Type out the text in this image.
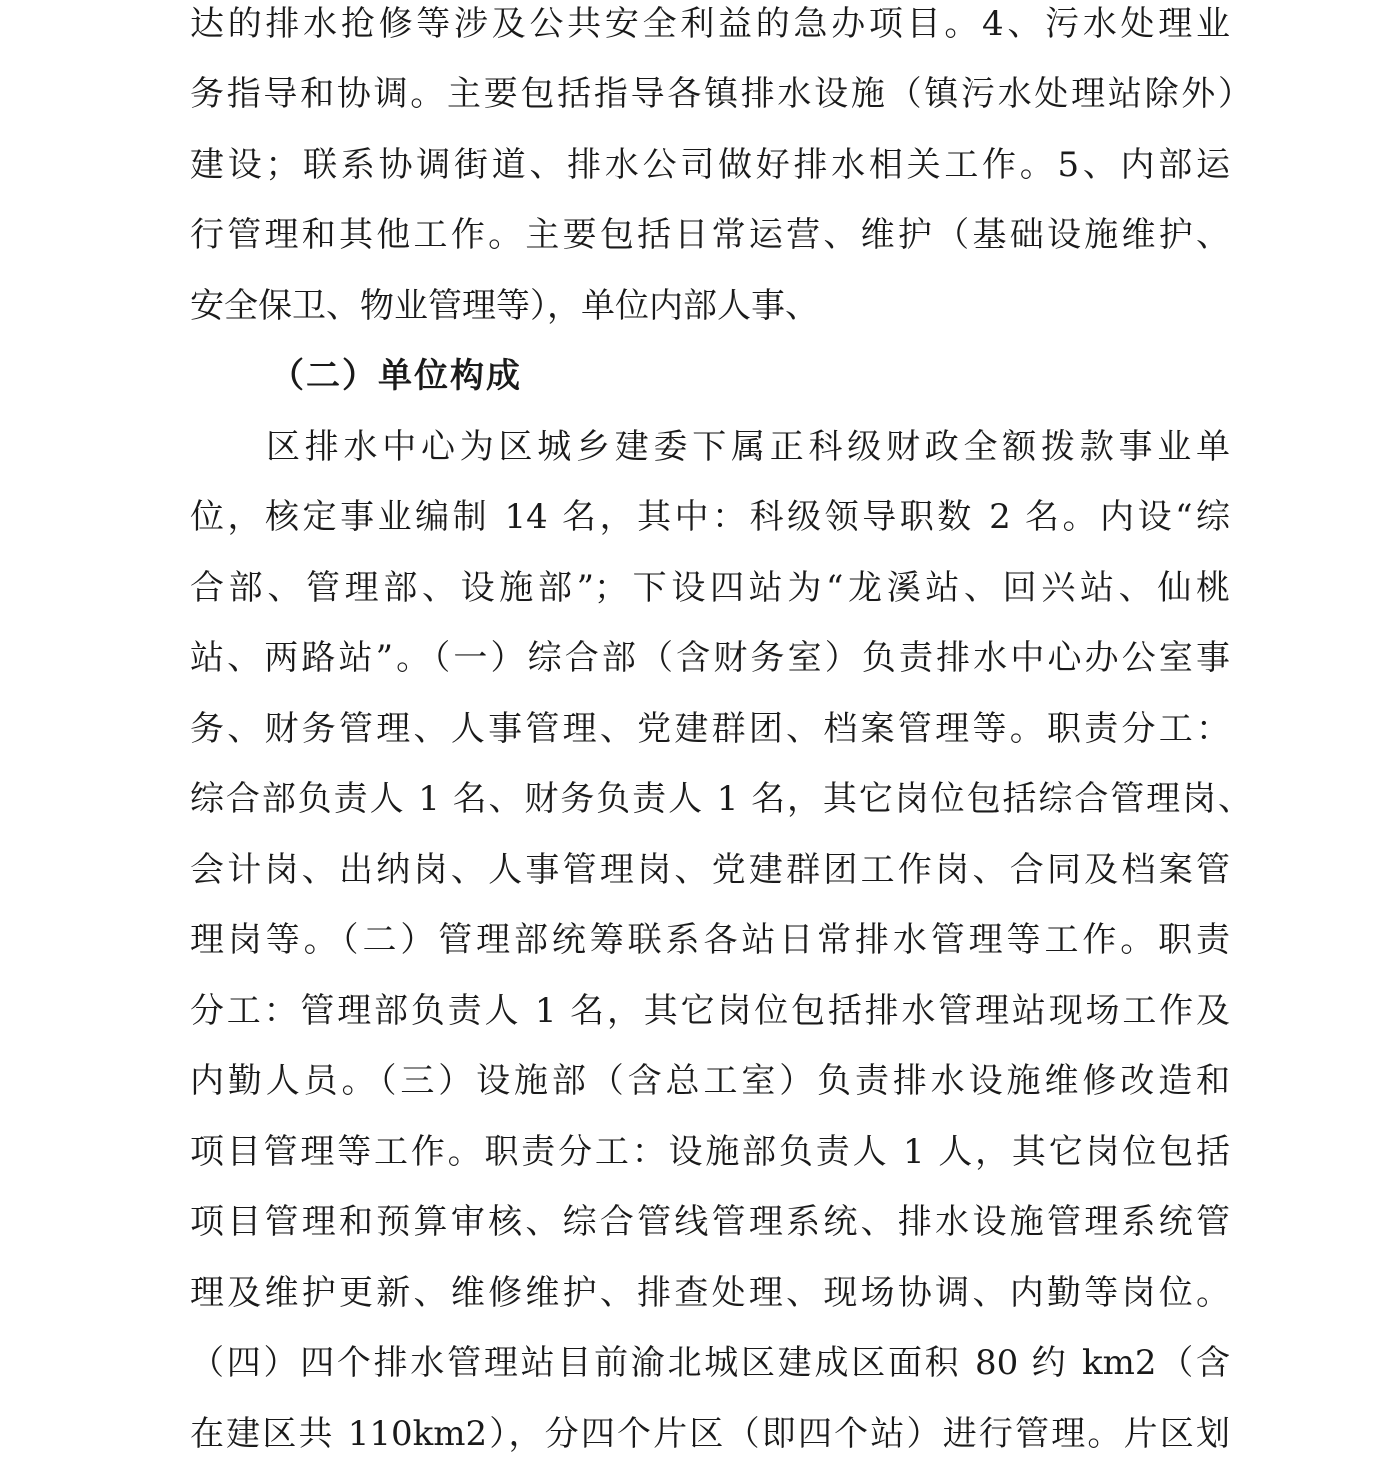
达的排水抢修等涉及公共安全利益的急办项目。4、污水处理业
务指导和协调。主要包括指导各镇排水设施（镇污水处理站除外）
建设；联系协调街道、排水公司做好排水相关工作。5、内部运
行管理和其他工作。主要包括日常运营、维护（基础设施维护、
安全保卫、物业管理等），单位内部人事、
（二）单位构成
区排水中心为区城乡建委下属正科级财政全额拨款事业单
位，核定事业编制 14 名，其中：科级领导职数 2 名。内设“综
合部、管理部、设施部”；下设四站为“龙溪站、回兴站、仙桃
站、两路站”。（一）综合部（含财务室）负责排水中心办公室事
务、财务管理、人事管理、党建群团、档案管理等。职责分工：
综合部负责人 1 名、财务负责人 1 名，其它岗位包括综合管理岗、
会计岗、出纳岗、人事管理岗、党建群团工作岗、合同及档案管
理岗等。（二）管理部统筹联系各站日常排水管理等工作。职责
分工：管理部负责人 1 名，其它岗位包括排水管理站现场工作及
内勤人员。（三）设施部（含总工室）负责排水设施维修改造和
项目管理等工作。职责分工：设施部负责人 1 人，其它岗位包括
项目管理和预算审核、综合管线管理系统、排水设施管理系统管
理及维护更新、维修维护、排查处理、现场协调、内勤等岗位。
（四）四个排水管理站目前渝北城区建成区面积 80 约 km2（含
在建区共 110km2），分四个片区（即四个站）进行管理。片区划
